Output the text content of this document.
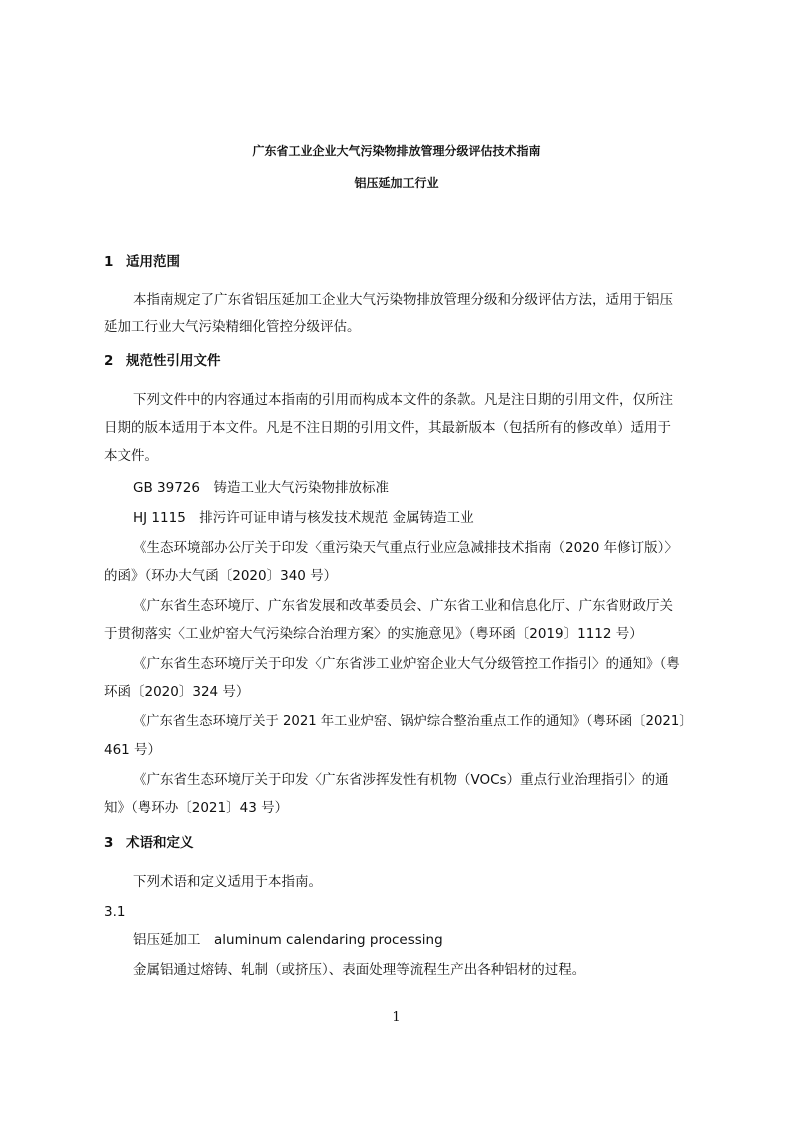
广东省工业企业大气污染物排放管理分级评估技术指南
铝压延加工行业
1 适用范围
本指南规定了广东省铝压延加工企业大气污染物排放管理分级和分级评估方法，适用于铝压
延加工行业大气污染精细化管控分级评估。
2 规范性引用文件
下列文件中的内容通过本指南的引用而构成本文件的条款。凡是注日期的引用文件，仅所注
日期的版本适用于本文件。凡是不注日期的引用文件，其最新版本（包括所有的修改单）适用于
本文件。
GB 39726　铸造工业大气污染物排放标准
HJ 1115　排污许可证申请与核发技术规范 金属铸造工业
《生态环境部办公厅关于印发〈重污染天气重点行业应急减排技术指南（2020 年修订版）〉
的函》（环办大气函〔2020〕340 号）
《广东省生态环境厅、广东省发展和改革委员会、广东省工业和信息化厅、广东省财政厅关
于贯彻落实〈工业炉窑大气污染综合治理方案〉的实施意见》（粤环函〔2019〕1112 号）
《广东省生态环境厅关于印发〈广东省涉工业炉窑企业大气分级管控工作指引〉的通知》（粤
环函〔2020〕324 号）
《广东省生态环境厅关于 2021 年工业炉窑、锅炉综合整治重点工作的通知》（粤环函〔2021〕
461 号）
《广东省生态环境厅关于印发〈广东省涉挥发性有机物（VOCs）重点行业治理指引〉的通
知》（粤环办〔2021〕43 号）
3 术语和定义
下列术语和定义适用于本指南。
3.1
铝压延加工　aluminum calendaring processing
金属铝通过熔铸、轧制（或挤压）、表面处理等流程生产出各种铝材的过程。
1
